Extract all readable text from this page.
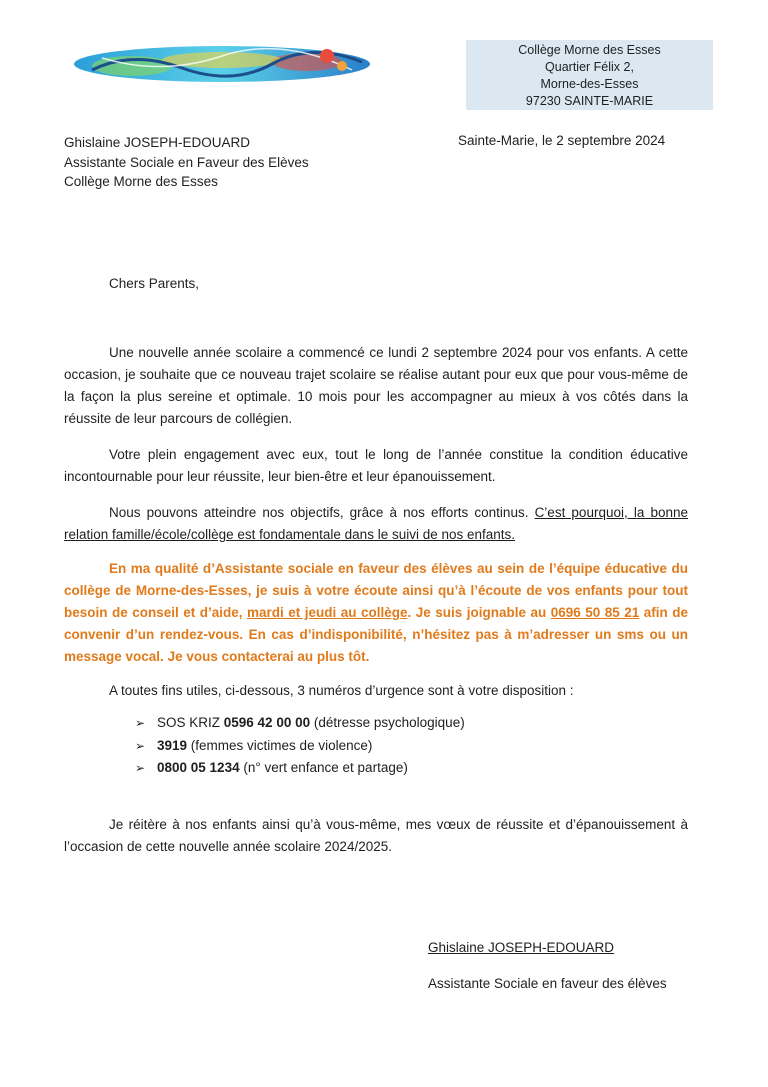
Collège Morne des Esses
Quartier Félix 2,
Morne-des-Esses
97230 SAINTE-MARIE
Ghislaine JOSEPH-EDOUARD
Assistante Sociale en Faveur des Elèves
Collège Morne des Esses
Sainte-Marie, le 2 septembre 2024
Chers Parents,
Une nouvelle année scolaire a commencé ce lundi 2 septembre 2024 pour vos enfants. A cette occasion, je souhaite que ce nouveau trajet scolaire se réalise autant pour eux que pour vous-même de la façon la plus sereine et optimale. 10 mois pour les accompagner au mieux à vos côtés dans la réussite de leur parcours de collégien.
Votre plein engagement avec eux, tout le long de l’année constitue la condition éducative incontournable pour leur réussite, leur bien-être et leur épanouissement.
Nous pouvons atteindre nos objectifs, grâce à nos efforts continus. C’est pourquoi, la bonne relation famille/école/collège est fondamentale dans le suivi de nos enfants.
En ma qualité d’Assistante sociale en faveur des élèves au sein de l’équipe éducative du collège de Morne-des-Esses, je suis à votre écoute ainsi qu’à l’écoute de vos enfants pour tout besoin de conseil et d’aide, mardi et jeudi au collège. Je suis joignable au 0696 50 85 21 afin de convenir d’un rendez-vous. En cas d’indisponibilité, n’hésitez pas à m’adresser un sms ou un message vocal. Je vous contacterai au plus tôt.
A toutes fins utiles, ci-dessous, 3 numéros d’urgence sont à votre disposition :
➢ SOS KRIZ 0596 42 00 00 (détresse psychologique)
➢ 3919 (femmes victimes de violence)
➢ 0800 05 1234 (n° vert enfance et partage)
Je réitère à nos enfants ainsi qu’à vous-même, mes vœux de réussite et d’épanouissement à l’occasion de cette nouvelle année scolaire 2024/2025.
Ghislaine JOSEPH-EDOUARD
Assistante Sociale en faveur des élèves
